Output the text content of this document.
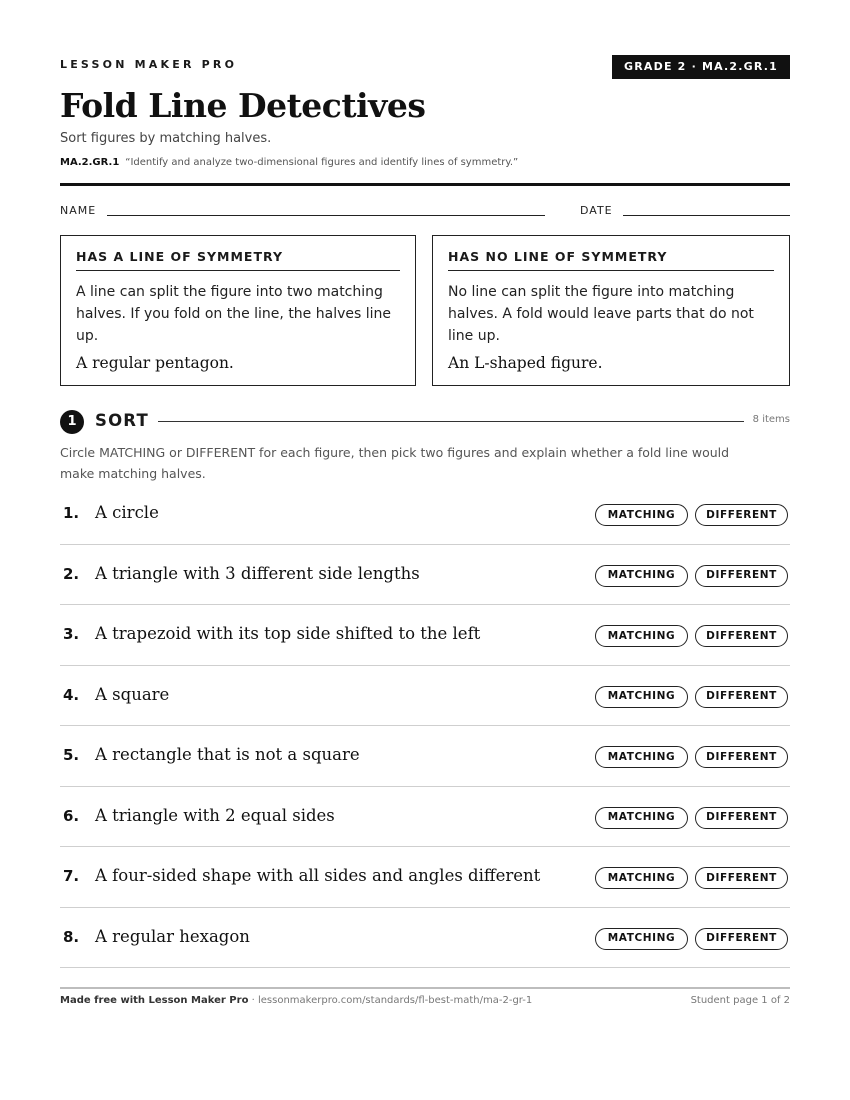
LESSON MAKER PRO	GRADE 2 · MA.2.GR.1
Fold Line Detectives
Sort figures by matching halves.
MA.2.GR.1 “Identify and analyze two-dimensional figures and identify lines of symmetry.”
NAME	DATE
HAS A LINE OF SYMMETRY
A line can split the figure into two matching halves. If you fold on the line, the halves line up.
A regular pentagon.
HAS NO LINE OF SYMMETRY
No line can split the figure into matching halves. A fold would leave parts that do not line up.
An L-shaped figure.
1	SORT	8 items
Circle MATCHING or DIFFERENT for each figure, then pick two figures and explain whether a fold line would make matching halves.
1. A circle	MATCHING	DIFFERENT
2. A triangle with 3 different side lengths	MATCHING	DIFFERENT
3. A trapezoid with its top side shifted to the left	MATCHING	DIFFERENT
4. A square	MATCHING	DIFFERENT
5. A rectangle that is not a square	MATCHING	DIFFERENT
6. A triangle with 2 equal sides	MATCHING	DIFFERENT
7. A four-sided shape with all sides and angles different	MATCHING	DIFFERENT
8. A regular hexagon	MATCHING	DIFFERENT
Made free with Lesson Maker Pro · lessonmakerpro.com/standards/fl-best-math/ma-2-gr-1	Student page 1 of 2
